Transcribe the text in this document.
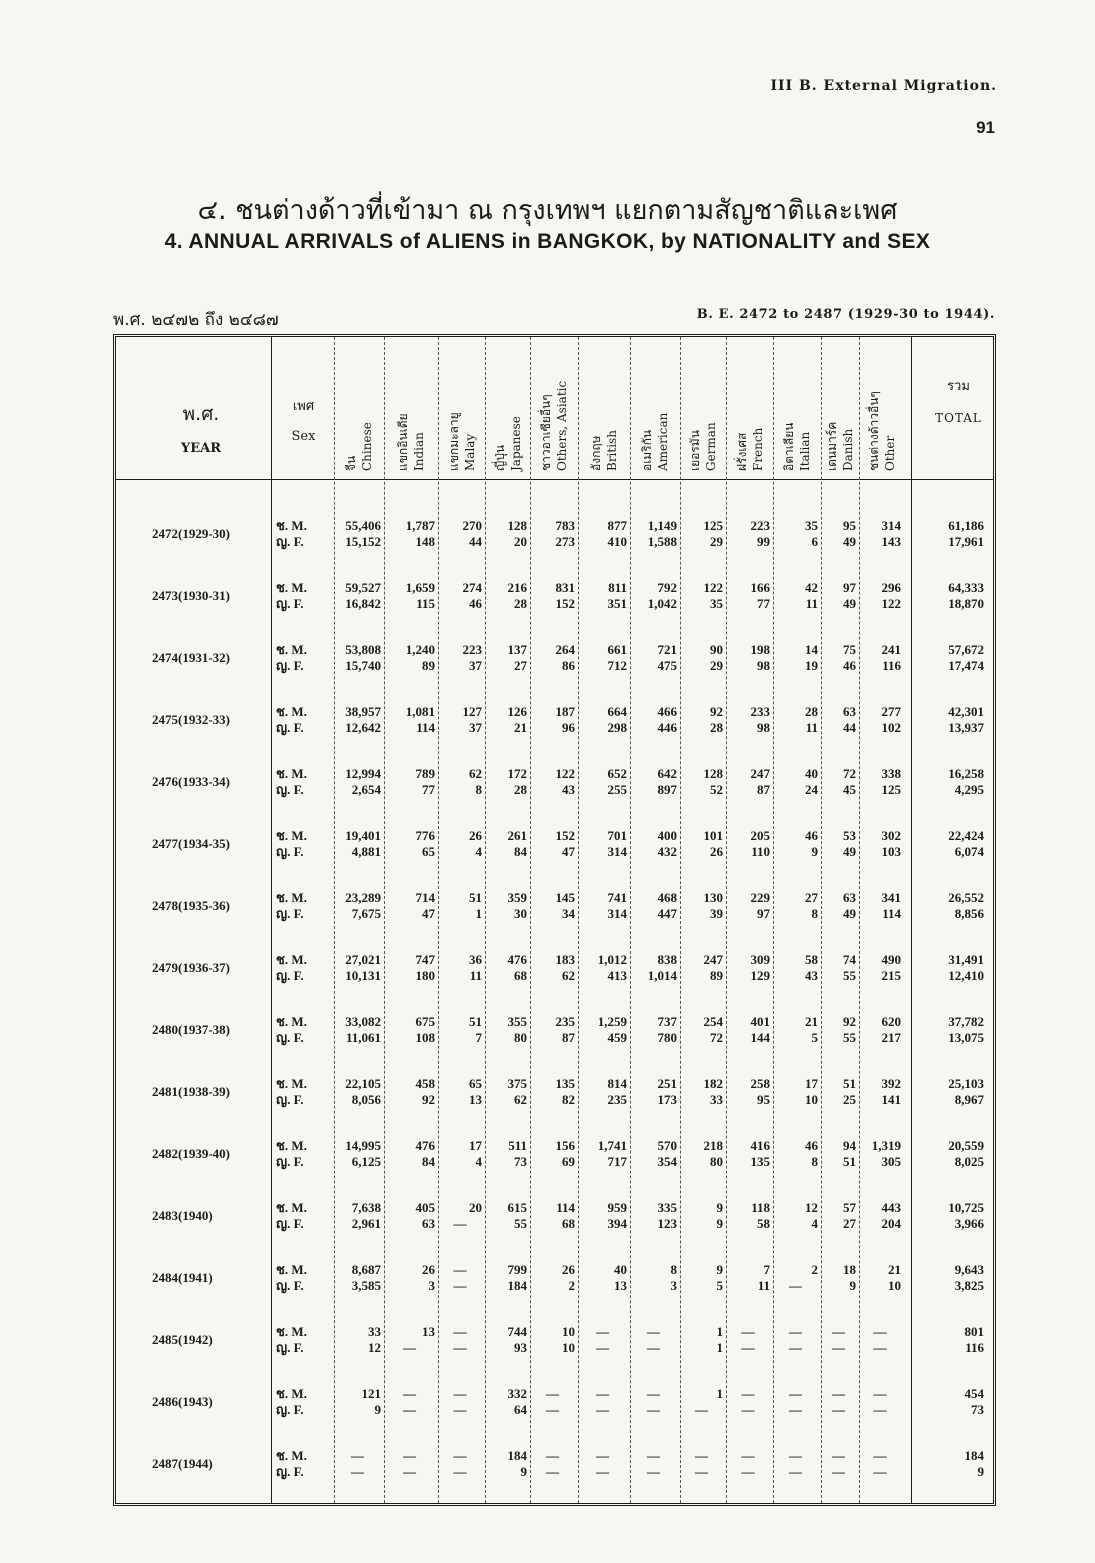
III B. External Migration.
91
๔. ชนต่างด้าวที่เข้ามา ณ กรุงเทพฯ แยกตามสัญชาติและเพศ
4. ANNUAL ARRIVALS of ALIENS in BANGKOK, by NATIONALITY and SEX
พ.ศ. ๒๔๗๒ ถึง ๒๔๘๗	B. E. 2472 to 2487 (1929-30 to 1944).
พ.ศ.
YEAR
เพศ
Sex
รวม
TOTAL
จีน Chinese แขกอินเดีย Indian แขกมะลายู Malay ญี่ปุ่น Japanese ชาวอาเซียอื่นๆ Others, Asiatic อังกฤษ British อเมริกัน American เยอรมัน German ฝรั่งเศส French อิตาเลียน Italian เดนมาร์ค Danish ชนต่างด้าวอื่นๆ Other
2472(1929-30)
ช. M.
ญ. F.
55,406
15,152
1,787
148
270
44
128
20
783
273
877
410
1,149
1,588
125
29
223
99
35
6
95
49
314
143
61,186
17,961
2473(1930-31)
ช. M.
ญ. F.
59,527
16,842
1,659
115
274
46
216
28
831
152
811
351
792
1,042
122
35
166
77
42
11
97
49
296
122
64,333
18,870
2474(1931-32)
ช. M.
ญ. F.
53,808
15,740
1,240
89
223
37
137
27
264
86
661
712
721
475
90
29
198
98
14
19
75
46
241
116
57,672
17,474
2475(1932-33)
ช. M.
ญ. F.
38,957
12,642
1,081
114
127
37
126
21
187
96
664
298
466
446
92
28
233
98
28
11
63
44
277
102
42,301
13,937
2476(1933-34)
ช. M.
ญ. F.
12,994
2,654
789
77
62
8
172
28
122
43
652
255
642
897
128
52
247
87
40
24
72
45
338
125
16,258
4,295
2477(1934-35)
ช. M.
ญ. F.
19,401
4,881
776
65
26
4
261
84
152
47
701
314
400
432
101
26
205
110
46
9
53
49
302
103
22,424
6,074
2478(1935-36)
ช. M.
ญ. F.
23,289
7,675
714
47
51
1
359
30
145
34
741
314
468
447
130
39
229
97
27
8
63
49
341
114
26,552
8,856
2479(1936-37)
ช. M.
ญ. F.
27,021
10,131
747
180
36
11
476
68
183
62
1,012
413
838
1,014
247
89
309
129
58
43
74
55
490
215
31,491
12,410
2480(1937-38)
ช. M.
ญ. F.
33,082
11,061
675
108
51
7
355
80
235
87
1,259
459
737
780
254
72
401
144
21
5
92
55
620
217
37,782
13,075
2481(1938-39)
ช. M.
ญ. F.
22,105
8,056
458
92
65
13
375
62
135
82
814
235
251
173
182
33
258
95
17
10
51
25
392
141
25,103
8,967
2482(1939-40)
ช. M.
ญ. F.
14,995
6,125
476
84
17
4
511
73
156
69
1,741
717
570
354
218
80
416
135
46
8
94
51
1,319
305
20,559
8,025
2483(1940)
ช. M.
ญ. F.
7,638
2,961
405
63
20
—
615
55
114
68
959
394
335
123
9
9
118
58
12
4
57
27
443
204
10,725
3,966
2484(1941)
ช. M.
ญ. F.
8,687
3,585
26
3
—
—
799
184
26
2
40
13
8
3
9
5
7
11
2
—
18
9
21
10
9,643
3,825
2485(1942)
ช. M.
ญ. F.
33
12
13
—
—
—
744
93
10
10
—
—
—
—
1
1
—
—
—
—
—
—
—
—
801
116
2486(1943)
ช. M.
ญ. F.
121
9
—
—
—
—
332
64
—
—
—
—
—
—
1
—
—
—
—
—
—
—
—
—
454
73
2487(1944)
ช. M.
ญ. F.
—
—
—
—
—
—
184
9
—
—
—
—
—
—
—
—
—
—
—
—
—
—
—
—
184
9
